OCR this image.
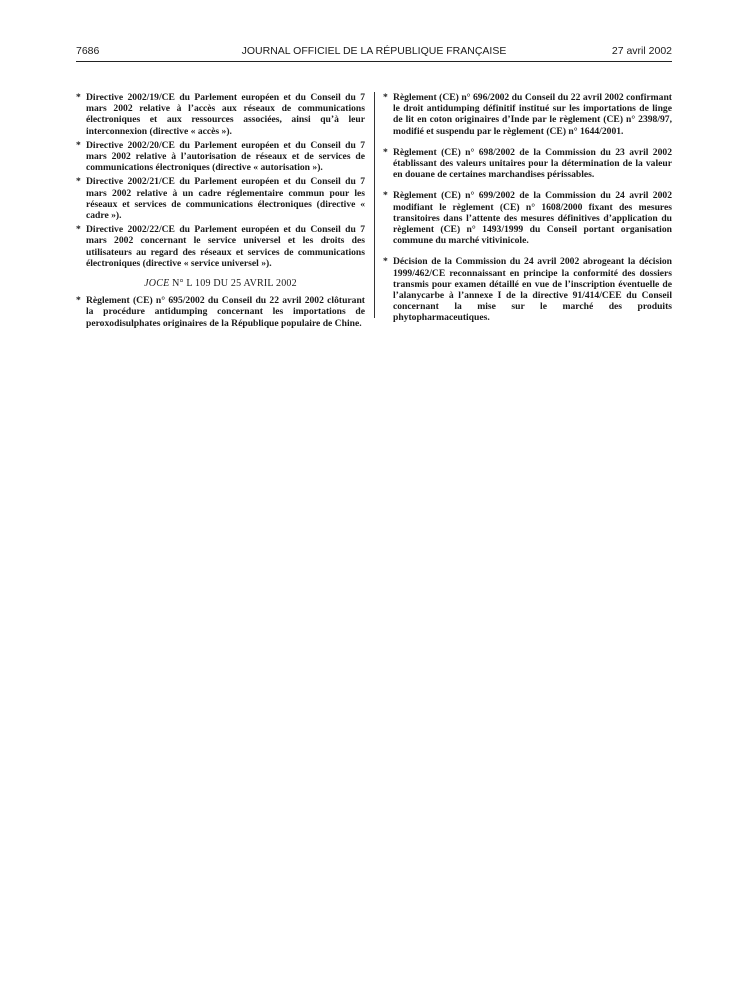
7686	JOURNAL OFFICIEL DE LA RÉPUBLIQUE FRANÇAISE	27 avril 2002
* Directive 2002/19/CE du Parlement européen et du Conseil du 7 mars 2002 relative à l’accès aux réseaux de communications électroniques et aux ressources associées, ainsi qu’à leur interconnexion (directive « accès »).
* Directive 2002/20/CE du Parlement européen et du Conseil du 7 mars 2002 relative à l’autorisation de réseaux et de services de communications électroniques (directive « autorisation »).
* Directive 2002/21/CE du Parlement européen et du Conseil du 7 mars 2002 relative à un cadre réglementaire commun pour les réseaux et services de communications électroniques (directive « cadre »).
* Directive 2002/22/CE du Parlement européen et du Conseil du 7 mars 2002 concernant le service universel et les droits des utilisateurs au regard des réseaux et services de communications électroniques (directive « service universel »).
JOCE N° L 109 DU 25 AVRIL 2002
* Règlement (CE) n° 695/2002 du Conseil du 22 avril 2002 clôturant la procédure antidumping concernant les importations de peroxodisulphates originaires de la République populaire de Chine.
* Règlement (CE) n° 696/2002 du Conseil du 22 avril 2002 confirmant le droit antidumping définitif institué sur les importations de linge de lit en coton originaires d’Inde par le règlement (CE) n° 2398/97, modifié et suspendu par le règlement (CE) n° 1644/2001.
* Règlement (CE) n° 698/2002 de la Commission du 23 avril 2002 établissant des valeurs unitaires pour la détermination de la valeur en douane de certaines marchandises périssables.
* Règlement (CE) n° 699/2002 de la Commission du 24 avril 2002 modifiant le règlement (CE) n° 1608/2000 fixant des mesures transitoires dans l’attente des mesures définitives d’application du règlement (CE) n° 1493/1999 du Conseil portant organisation commune du marché vitivinicole.
* Décision de la Commission du 24 avril 2002 abrogeant la décision 1999/462/CE reconnaissant en principe la conformité des dossiers transmis pour examen détaillé en vue de l’inscription éventuelle de l’alanycarbe à l’annexe I de la directive 91/414/CEE du Conseil concernant la mise sur le marché des produits phytopharmaceutiques.
